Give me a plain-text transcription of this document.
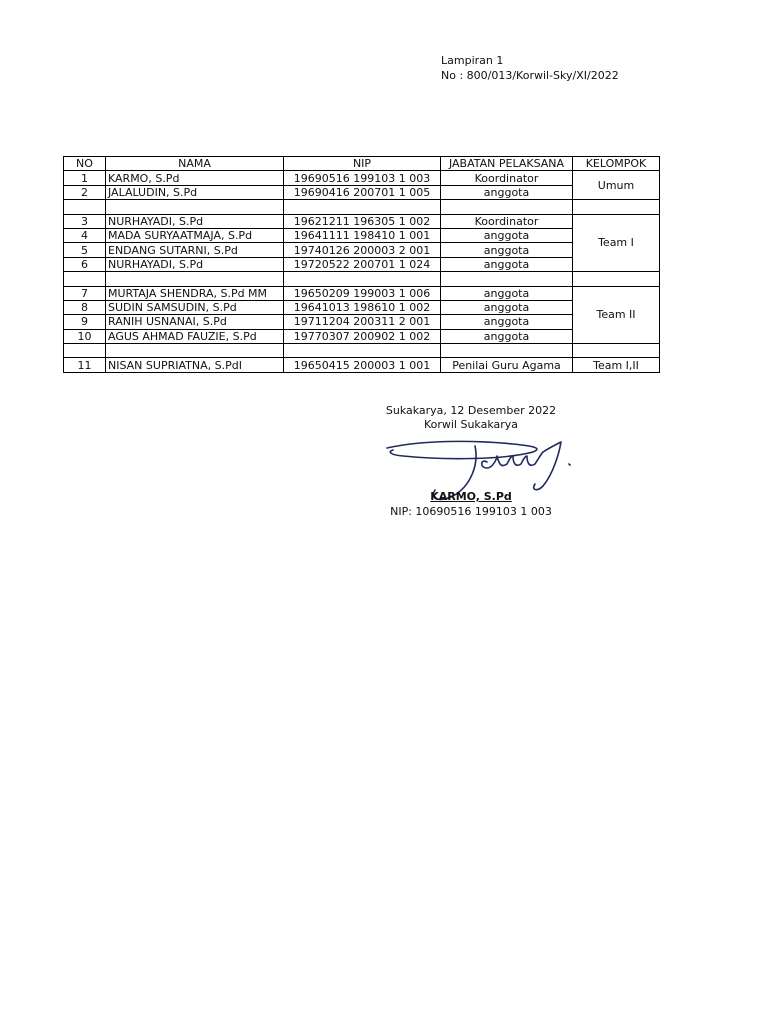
Lampiran 1
No : 800/013/Korwil-Sky/XI/2022
NO	NAMA	NIP	JABATAN PELAKSANA	KELOMPOK
1	KARMO, S.Pd	19690516 199103 1 003	Koordinator	Umum
2	JALALUDIN, S.Pd	19690416 200701 1 005	anggota	

3	NURHAYADI, S.Pd	19621211 196305 1 002	Koordinator	Team I
4	MADA SURYAATMAJA, S.Pd	19641111 198410 1 001	anggota	
5	ENDANG SUTARNI, S.Pd	19740126 200003 2 001	anggota	
6	NURHAYADI, S.Pd	19720522 200701 1 024	anggota	

7	MURTAJA SHENDRA, S.Pd MM	19650209 199003 1 006	anggota	Team II
8	SUDIN SAMSUDIN, S.Pd	19641013 198610 1 002	anggota	
9	RANIH USNANAI, S.Pd	19711204 200311 2 001	anggota	
10	AGUS AHMAD FAUZIE, S.Pd	19770307 200902 1 002	anggota	

11	NISAN SUPRIATNA, S.PdI	19650415 200003 1 001	Penilai Guru Agama	Team I,II
Sukakarya, 12 Desember 2022
Korwil Sukakarya
KARMO, S.Pd
NIP: 10690516 199103 1 003
